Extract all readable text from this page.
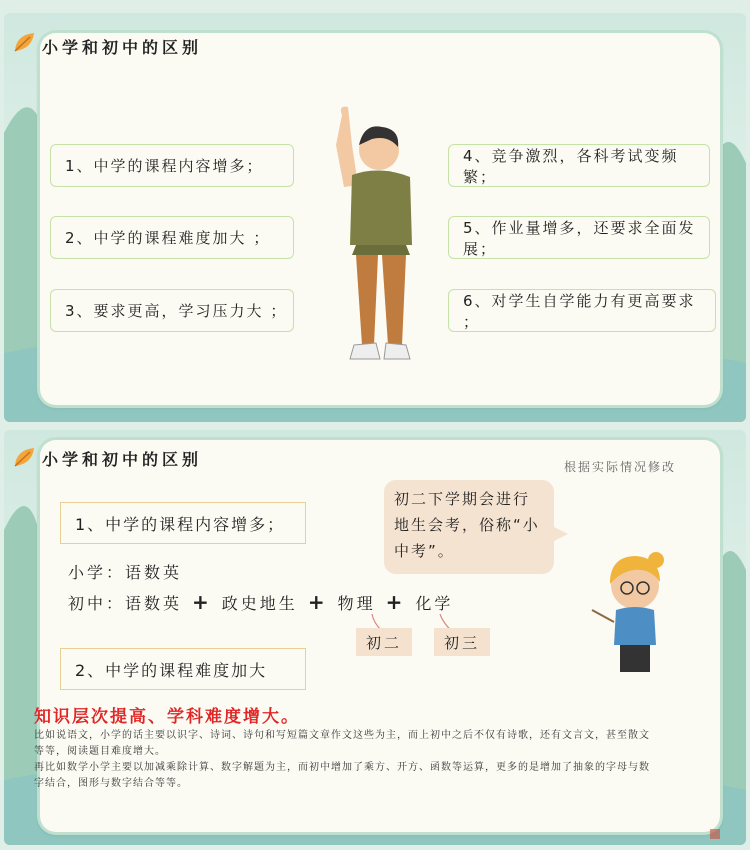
小学和初中的区别
1、中学的课程内容增多；
2、中学的课程难度加大 ；
3、要求更高，学习压力大 ；
4、竞争激烈，各科考试变频繁；
5、作业量增多，还要求全面发展；
6、对学生自学能力有更高要求 ；
小学和初中的区别	根据实际情况修改
1、中学的课程内容增多；
小学：语数英
初中：语数英 + 政史地生 + 物理 + 化学
初二	初三
初二下学期会进行地生会考，俗称“小中考”。
2、中学的课程难度加大
知识层次提高、学科难度增大。
比如说语文，小学的话主要以识字、诗词、诗句和写短篇文章作文这些为主，而上初中之后不仅有诗歌，还有文言文，甚至散文等等，阅读题目难度增大。
再比如数学小学主要以加减乘除计算、数字解题为主，而初中增加了乘方、开方、函数等运算，更多的是增加了抽象的字母与数字结合，图形与数字结合等等。
